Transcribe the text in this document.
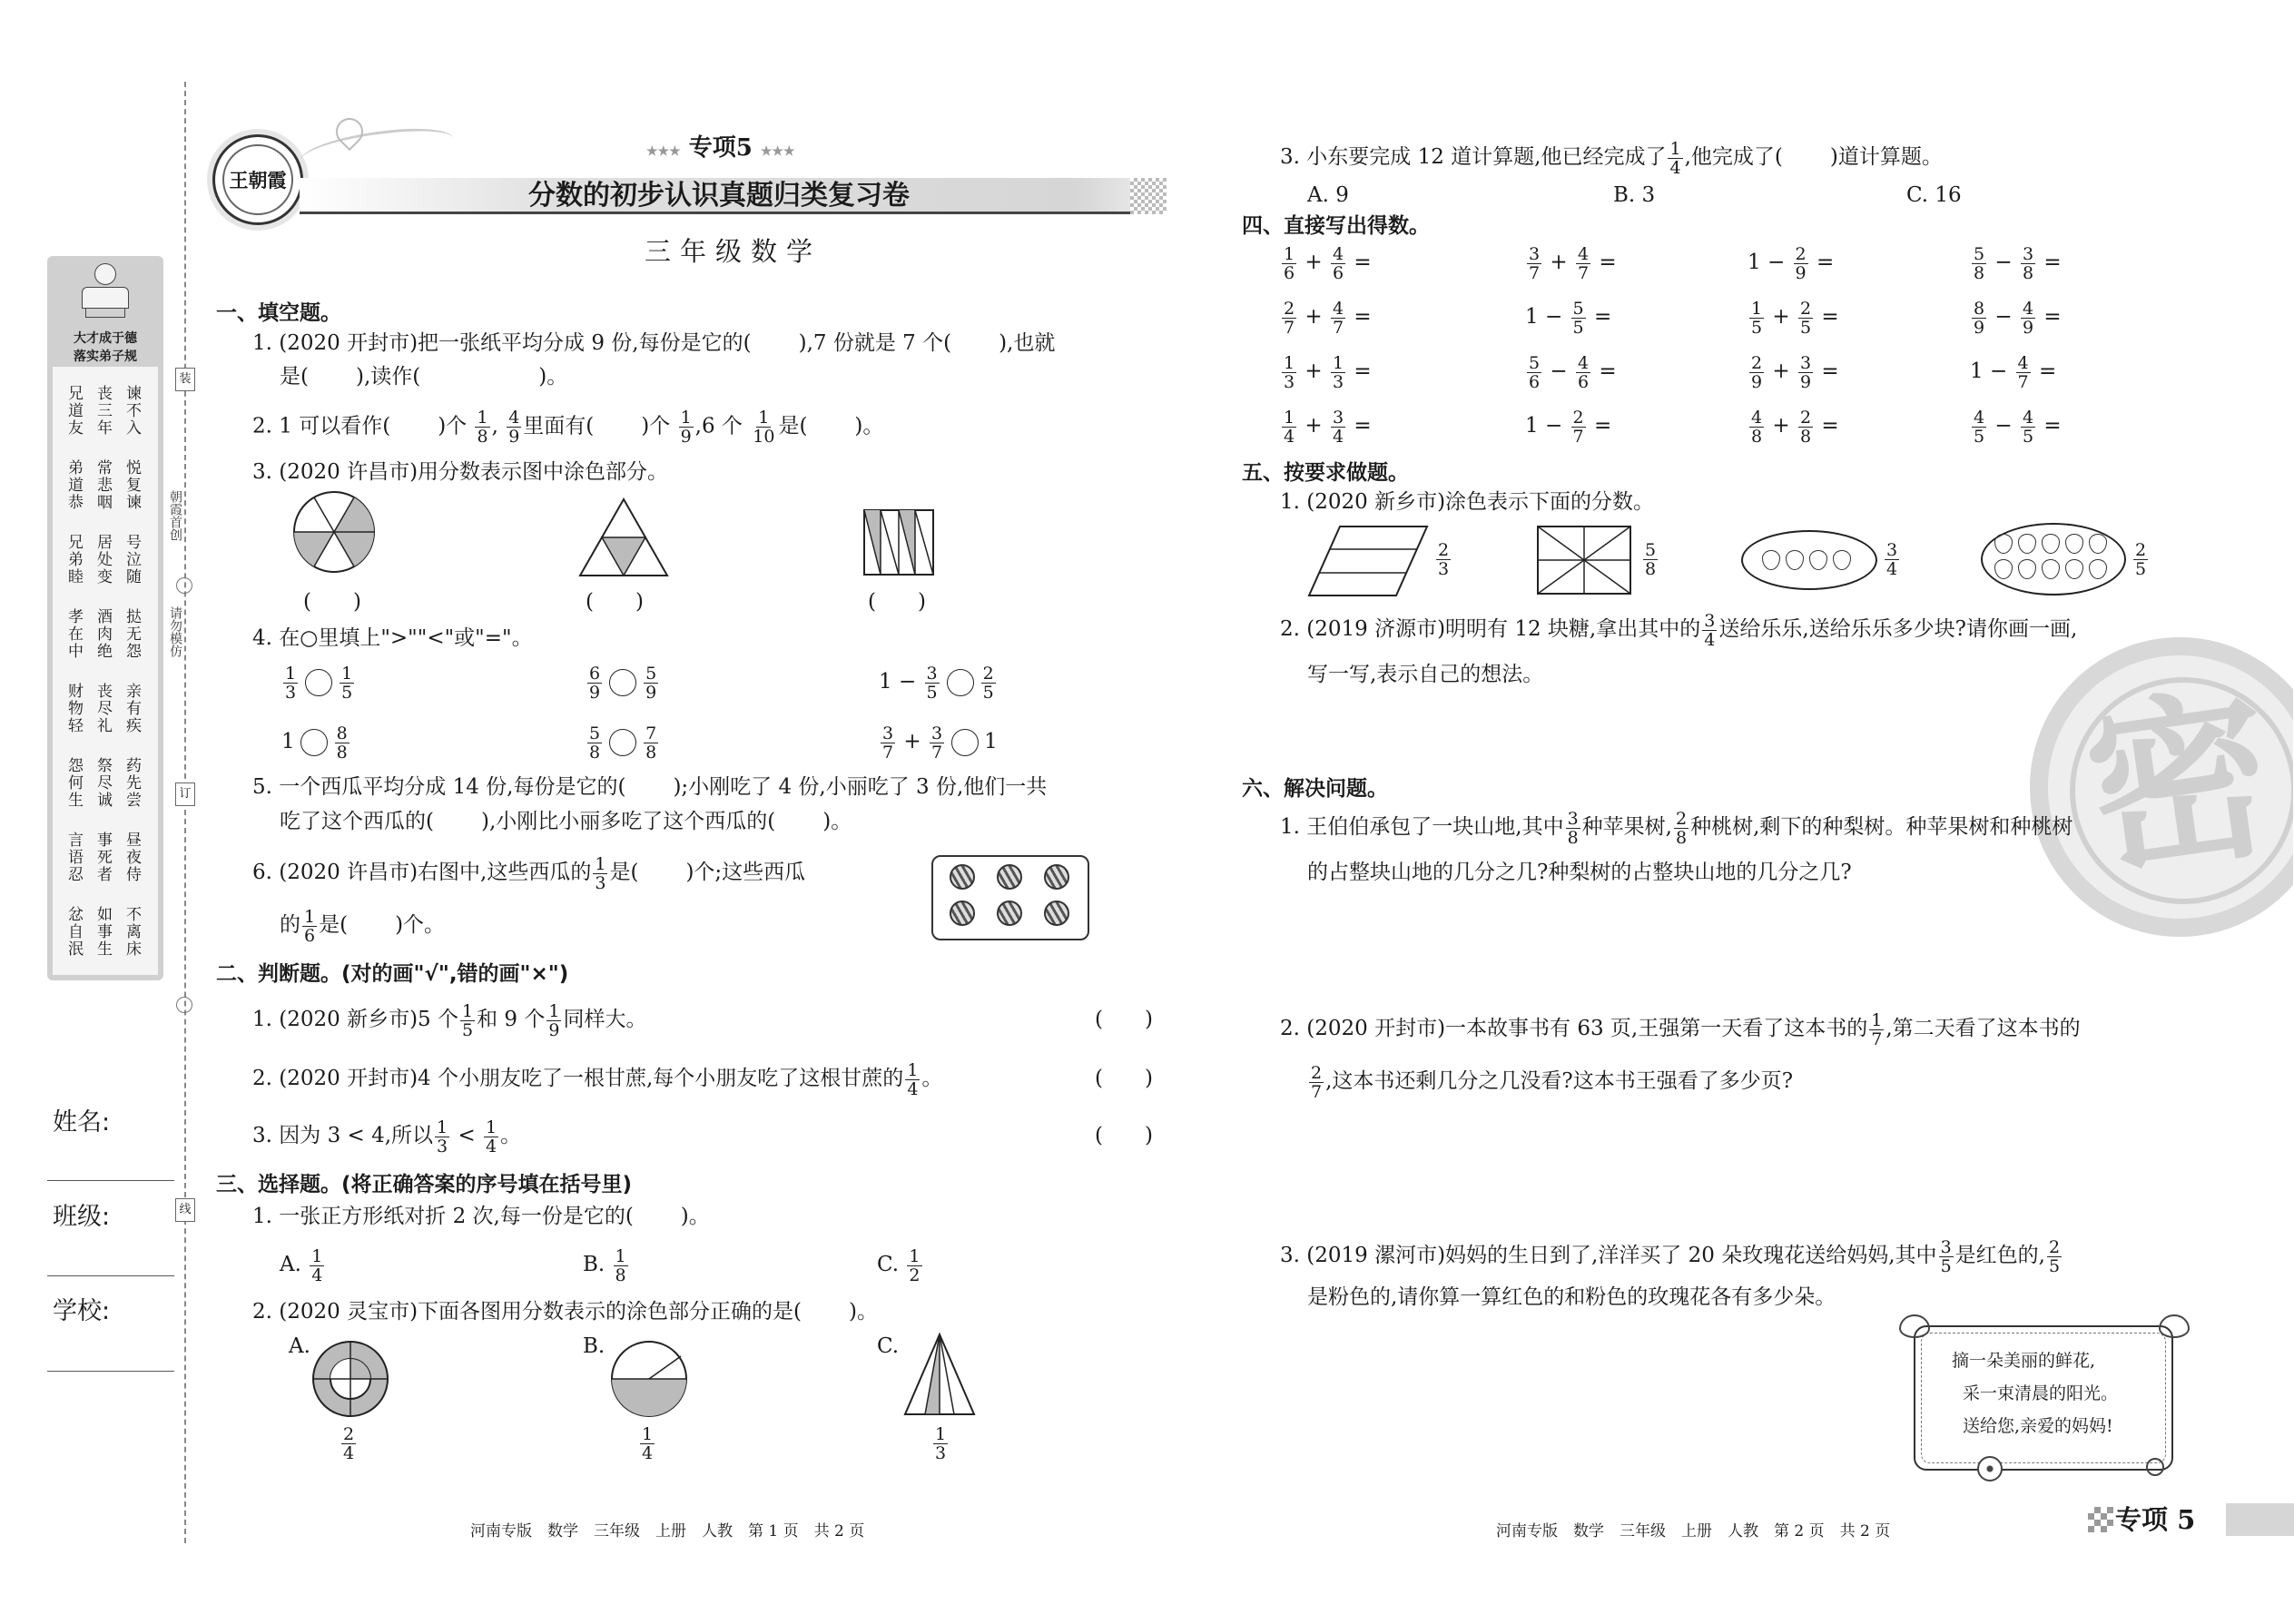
装
订
线
朝霞首创
请勿模仿
大才成于德
落实弟子规
兄道友 丧三年 谏不入
弟道恭 常悲咽 悦复谏
兄弟睦 居处变 号泣随
孝在中 酒肉绝 挞无怨
财物轻 丧尽礼 亲有疾
怨何生 祭尽诚 药先尝
言语忍 事死者 昼夜侍
忿自泯 如事生 不离床
姓名:
班级:
学校:
王朝霞
★★★ 专项5 ★★★
分数的初步认识真题归类复习卷
三年级数学
一、填空题。
1. (2020 开封市)把一张纸平均分成 9 份,每份是它的( ),7 份就是 7 个( ),也就
是( ),读作(	)。
2. 1 可以看作( )个 $\frac{1}{8}$ , $\frac{4}{9}$ 里面有( )个 $\frac{1}{9} ,6$ 个 $\frac{1}{10}$ 是( )。
3. (2020 许昌市)用分数表示图中涂色部分。
(　　)	(　　)	(　　)
4. 在○里填上">""<"或"="。
$\frac{1}{3} \frac{1}{5}$	$\frac{6}{9} \frac{5}{9}$	$1 - \frac{3}{5} \frac{2}{5}$
$1 \frac{8}{8}$	$\frac{5}{8} \frac{7}{8}$	$\frac{3}{7} + \frac{3}{7} 1$
5. 一个西瓜平均分成 14 份,每份是它的( );小刚吃了 4 份,小丽吃了 3 份,他们一共
吃了这个西瓜的( ),小刚比小丽多吃了这个西瓜的( )。
6. (2020 许昌市)右图中,这些西瓜的 $\frac{1}{3}$ 是( )个;这些西瓜
的 $\frac{1}{6}$ 是( )个。
二、判断题。(对的画"√",错的画"×")
1. (2020 新乡市)5 个 $\frac{1}{5}$ 和 9 个 $\frac{1}{9}$ 同样大。	(　　)
2. (2020 开封市)4 个小朋友吃了一根甘蔗,每个小朋友吃了这根甘蔗的 $\frac{1}{4}$ 。	(　　)
3. 因为 3 < 4,所以 $\frac{1}{3} < \frac{1}{4}$ 。	(　　)
三、选择题。(将正确答案的序号填在括号里)
1. 一张正方形纸对折 2 次,每一份是它的( )。
A. $\frac{1}{4}$	B. $\frac{1}{8}$	C. $\frac{1}{2}$
2. (2020 灵宝市)下面各图用分数表示的涂色部分正确的是( )。
A.
$\frac{2}{4}$
B.
$\frac{1}{4}$
C.
$\frac{1}{3}$
3. 小东要完成 12 道计算题,他已经完成了 $\frac{1}{4}$ ,他完成了( )道计算题。
A. 9	B. 3	C. 16
四、直接写出得数。
$\frac{1}{6} + \frac{4}{6}$ =	$\frac{3}{7} + \frac{4}{7}$ =	$1 - \frac{2}{9}$ =	$\frac{5}{8} - \frac{3}{8}$ =
$\frac{2}{7} + \frac{4}{7}$ =	$1 - \frac{5}{5}$ =	$\frac{1}{5} + \frac{2}{5}$ =	$\frac{8}{9} - \frac{4}{9}$ =
$\frac{1}{3} + \frac{1}{3}$ =	$\frac{5}{6} - \frac{4}{6}$ =	$\frac{2}{9} + \frac{3}{9}$ =	$1 - \frac{4}{7}$ =
$\frac{1}{4} + \frac{3}{4}$ =	$1 - \frac{2}{7}$ =	$\frac{4}{8} + \frac{2}{8}$ =	$\frac{4}{5} - \frac{4}{5}$ =
五、按要求做题。
1. (2020 新乡市)涂色表示下面的分数。
$\frac{2}{3}$	$\frac{5}{8}$	$\frac{3}{4}$	$\frac{2}{5}$
2. (2019 济源市)明明有 12 块糖,拿出其中的 $\frac{3}{4}$ 送给乐乐,送给乐乐多少块?请你画一画,
写一写,表示自己的想法。	密
六、解决问题。
1. 王伯伯承包了一块山地,其中 $\frac{3}{8}$ 种苹果树, $\frac{2}{8}$ 种桃树,剩下的种梨树。种苹果树和种桃树
的占整块山地的几分之几?种梨树的占整块山地的几分之几?
2. (2020 开封市)一本故事书有 63 页,王强第一天看了这本书的 $\frac{1}{7}$ ,第二天看了这本书的
$\frac{2}{7}$ ,这本书还剩几分之几没看?这本书王强看了多少页?
3. (2019 漯河市)妈妈的生日到了,洋洋买了 20 朵玫瑰花送给妈妈,其中 $\frac{3}{5}$ 是红色的, $\frac{2}{5}$
是粉色的,请你算一算红色的和粉色的玫瑰花各有多少朵。
摘一朵美丽的鲜花,
采一束清晨的阳光。
送给您,亲爱的妈妈!
河南专版　数学　三年级　上册　人教　第 1 页　共 2 页	河南专版　数学　三年级　上册　人教　第 2 页　共 2 页	专项 5
